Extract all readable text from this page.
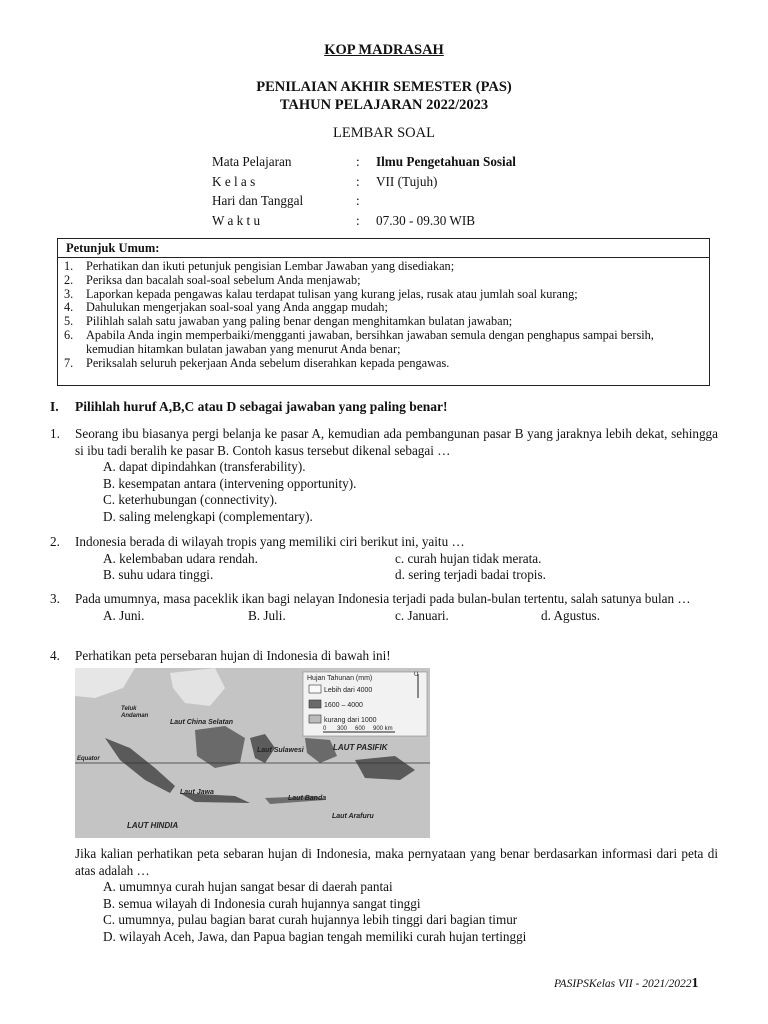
KOP MADRASAH
PENILAIAN AKHIR SEMESTER (PAS)
TAHUN PELAJARAN 2022/2023
LEMBAR SOAL
Mata Pelajaran	: Ilmu Pengetahuan Sosial
K e l a s	: VII (Tujuh)
Hari dan Tanggal	:
W a k t u	: 07.30 - 09.30 WIB
Petunjuk Umum:
1. Perhatikan dan ikuti petunjuk pengisian Lembar Jawaban yang disediakan;
2. Periksa dan bacalah soal-soal sebelum Anda menjawab;
3. Laporkan kepada pengawas kalau terdapat tulisan yang kurang jelas, rusak atau jumlah soal kurang;
4. Dahulukan mengerjakan soal-soal yang Anda anggap mudah;
5. Pilihlah salah satu jawaban yang paling benar dengan menghitamkan bulatan jawaban;
6. Apabila Anda ingin memperbaiki/mengganti jawaban, bersihkan jawaban semula dengan penghapus sampai bersih, kemudian hitamkan bulatan jawaban yang menurut Anda benar;
7. Periksalah seluruh pekerjaan Anda sebelum diserahkan kepada pengawas.
I. Pilihlah huruf A,B,C atau D sebagai jawaban yang paling benar!
1. Seorang ibu biasanya pergi belanja ke pasar A, kemudian ada pembangunan pasar B yang jaraknya lebih dekat, sehingga si ibu tadi beralih ke pasar B. Contoh kasus tersebut dikenal sebagai …
A. dapat dipindahkan (transferability).
B. kesempatan antara (intervening opportunity).
C. keterhubungan (connectivity).
D. saling melengkapi (complementary).
2. Indonesia berada di wilayah tropis yang memiliki ciri berikut ini, yaitu …
A. kelembaban udara rendah.	c. curah hujan tidak merata.
B. suhu udara tinggi.	d. sering terjadi badai tropis.
3. Pada umumnya, masa paceklik ikan bagi nelayan Indonesia terjadi pada bulan-bulan tertentu, salah satunya bulan …
A. Juni.	B. Juli.	c. Januari.	d. Agustus.
4. Perhatikan peta persebaran hujan di Indonesia di bawah ini!
Hujan Tahunan (mm)
Lebih dari 4000
1600 – 4000
kurang dari 1000
0 300 600 900 km
U
Teluk
Andaman
Laut China Selatan
Laut Sulawesi	LAUT PASIFIK
Equator
Laut Jawa
Laut Banda
Laut Arafuru
LAUT HINDIA
Jika kalian perhatikan peta sebaran hujan di Indonesia, maka pernyataan yang benar berdasarkan informasi dari peta di atas adalah …
A. umumnya curah hujan sangat besar di daerah pantai
B. semua wilayah di Indonesia curah hujannya sangat tinggi
C. umumnya, pulau bagian barat curah hujannya lebih tinggi dari bagian timur
D. wilayah Aceh, Jawa, dan Papua bagian tengah memiliki curah hujan tertinggi
PASIPSKelas VII - 2021/20221
